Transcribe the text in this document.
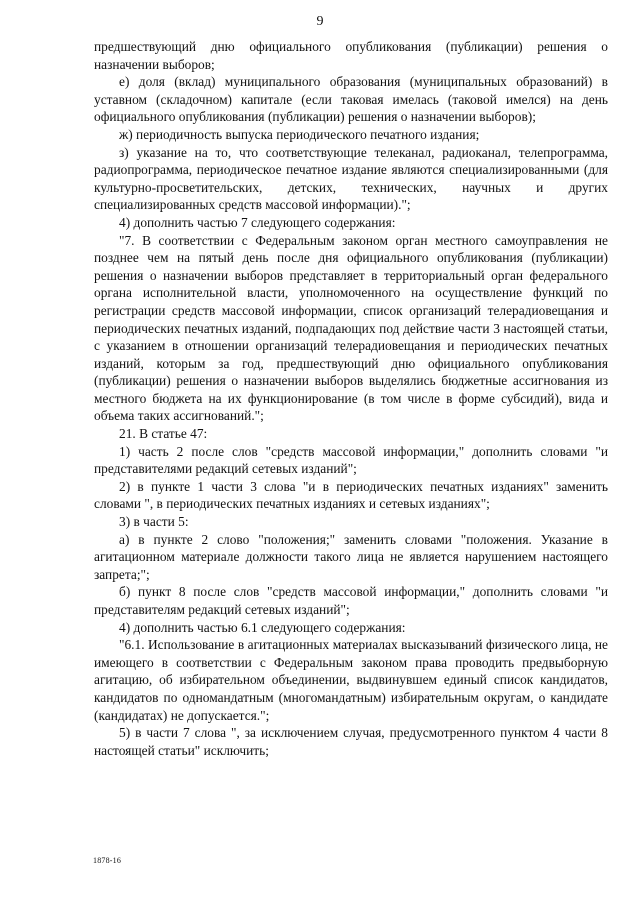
9

предшествующий дню официального опубликования (публикации) решения о назначении выборов;

е) доля (вклад) муниципального образования (муниципальных образований) в уставном (складочном) капитале (если таковая имелась (таковой имелся) на день официального опубликования (публикации) решения о назначении выборов);

ж) периодичность выпуска периодического печатного издания;

з) указание на то, что соответствующие телеканал, радиоканал, телепрограмма, радиопрограмма, периодическое печатное издание являются специализированными (для культурно-просветительских, детских, технических, научных и других специализированных средств массовой информации).";

4) дополнить частью 7 следующего содержания:

"7. В соответствии с Федеральным законом орган местного самоуправления не позднее чем на пятый день после дня официального опубликования (публикации) решения о назначении выборов представляет в территориальный орган федерального органа исполнительной власти, уполномоченного на осуществление функций по регистрации средств массовой информации, список организаций телерадиовещания и периодических печатных изданий, подпадающих под действие части 3 настоящей статьи, с указанием в отношении организаций телерадиовещания и периодических печатных изданий, которым за год, предшествующий дню официального опубликования (публикации) решения о назначении выборов выделялись бюджетные ассигнования из местного бюджета на их функционирование (в том числе в форме субсидий), вида и объема таких ассигнований.";

21. В статье 47:

1) часть 2 после слов "средств массовой информации," дополнить словами "и представителями редакций сетевых изданий";

2) в пункте 1 части 3 слова "и в периодических печатных изданиях" заменить словами ", в периодических печатных изданиях и сетевых изданиях";

3) в части 5:

а) в пункте 2 слово "положения;" заменить словами "положения. Указание в агитационном материале должности такого лица не является нарушением настоящего запрета;";

б) пункт 8 после слов "средств массовой информации," дополнить словами "и представителям редакций сетевых изданий";

4) дополнить частью 6.1 следующего содержания:

"6.1. Использование в агитационных материалах высказываний физического лица, не имеющего в соответствии с Федеральным законом права проводить предвыборную агитацию, об избирательном объединении, выдвинувшем единый список кандидатов, кандидатов по одномандатным (многомандатным) избирательным округам, о кандидате (кандидатах) не допускается.";

5) в части 7 слова ", за исключением случая, предусмотренного пунктом 4 части 8 настоящей статьи" исключить;

1878-16
